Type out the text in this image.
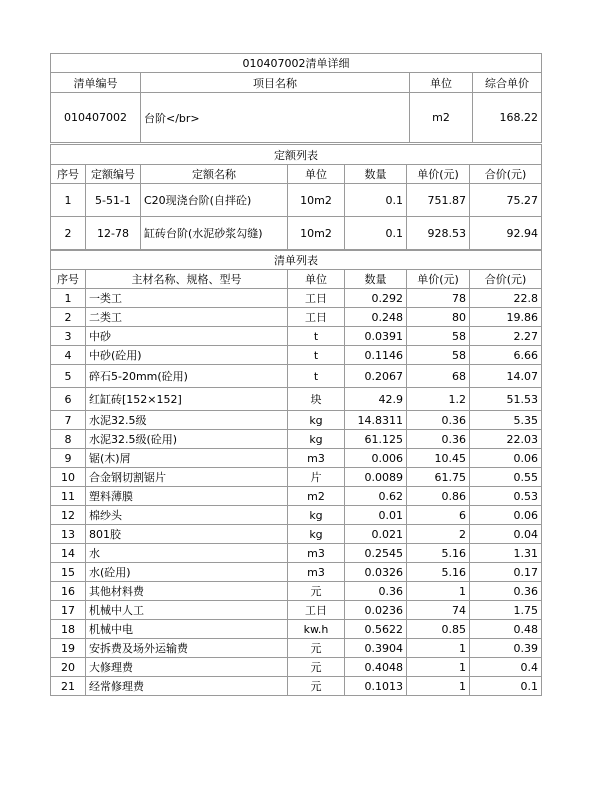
010407002清单详细			
清单编号	项目名称	单位	综合单价
010407002	台阶</br>	m2	168.22
定额列表						
序号	定额编号	定额名称	单位	数量	单价(元)	合价(元)
1	5-51-1	C20现浇台阶(自拌砼)	10m2	0.1	751.87	75.27
2	12-78	缸砖台阶(水泥砂浆勾缝)	10m2	0.1	928.53	92.94
清单列表					
序号	主材名称、规格、型号	单位	数量	单价(元)	合价(元)
1	一类工	工日	0.292	78	22.8
2	二类工	工日	0.248	80	19.86
3	中砂	t	0.0391	58	2.27
4	中砂(砼用)	t	0.1146	58	6.66
5	碎石5-20mm(砼用)	t	0.2067	68	14.07
6	红缸砖[152×152]	块	42.9	1.2	51.53
7	水泥32.5级	kg	14.8311	0.36	5.35
8	水泥32.5级(砼用)	kg	61.125	0.36	22.03
9	锯(木)屑	m3	0.006	10.45	0.06
10	合金钢切割锯片	片	0.0089	61.75	0.55
11	塑料薄膜	m2	0.62	0.86	0.53
12	棉纱头	kg	0.01	6	0.06
13	801胶	kg	0.021	2	0.04
14	水	m3	0.2545	5.16	1.31
15	水(砼用)	m3	0.0326	5.16	0.17
16	其他材料费	元	0.36	1	0.36
17	机械中人工	工日	0.0236	74	1.75
18	机械中电	kw.h	0.5622	0.85	0.48
19	安拆费及场外运输费	元	0.3904	1	0.39
20	大修理费	元	0.4048	1	0.4
21	经常修理费	元	0.1013	1	0.1
